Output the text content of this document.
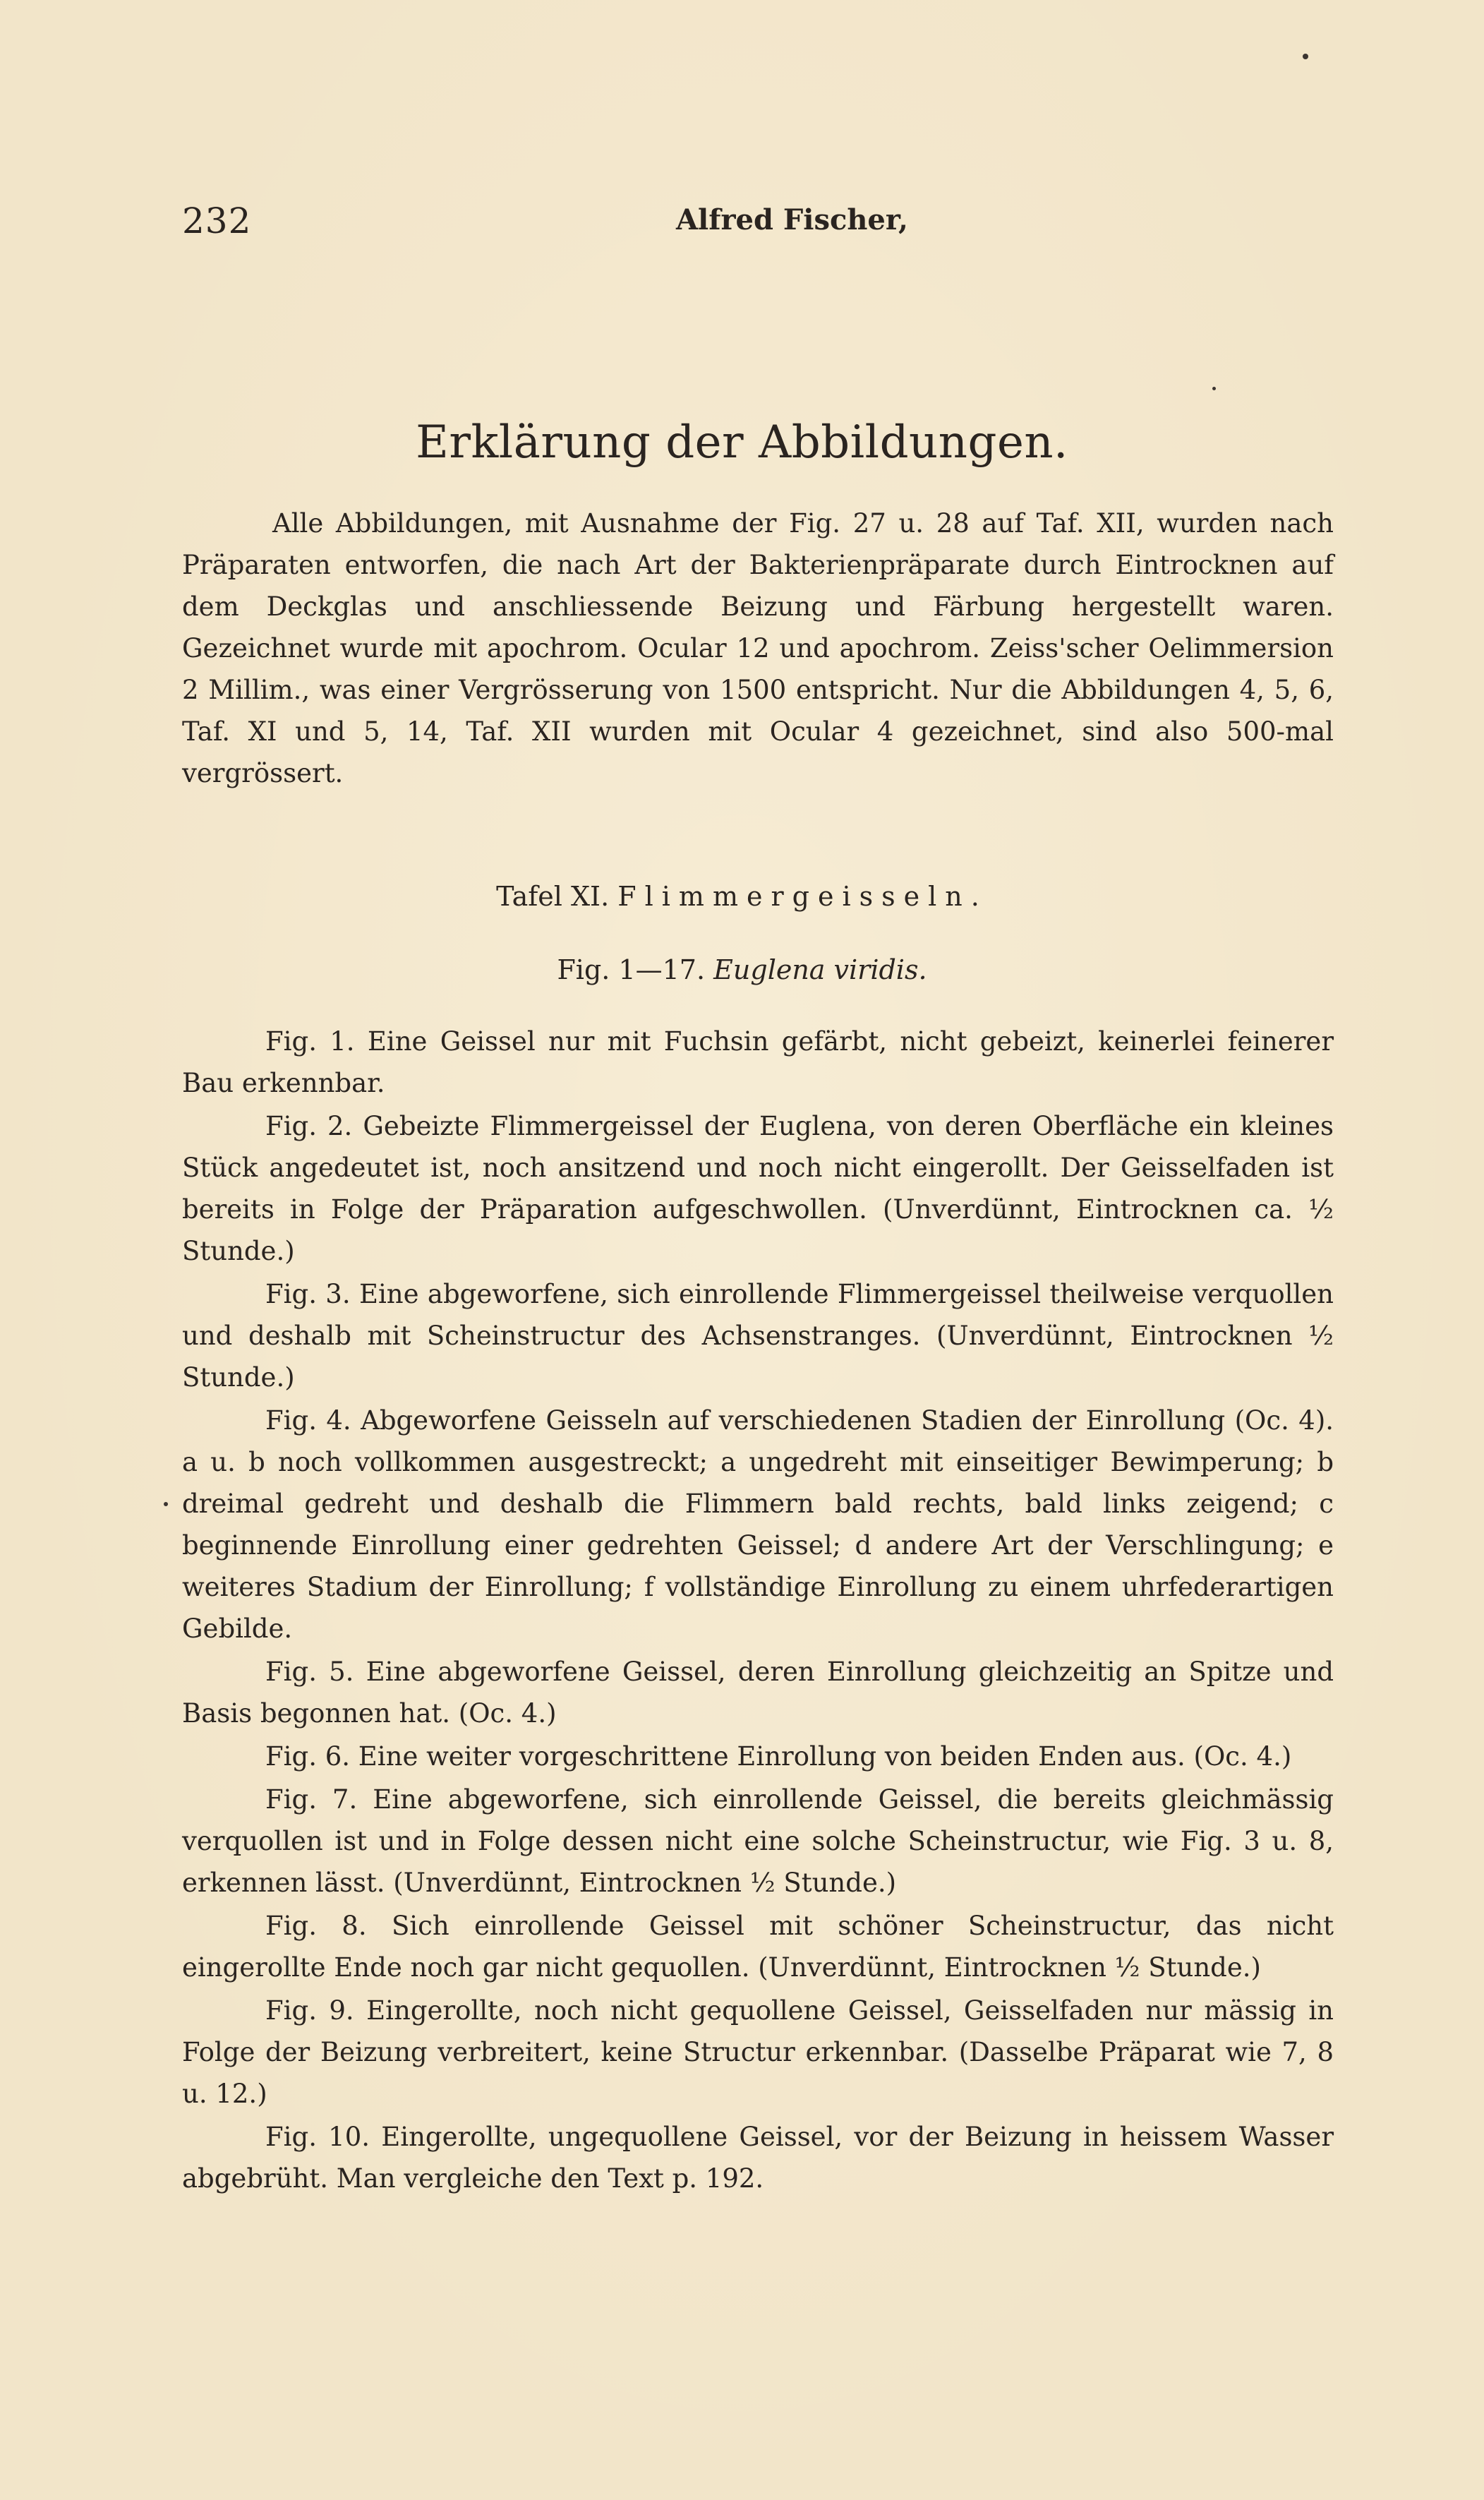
232	Alfred Fischer,
Erklärung der Abbildungen.

Alle Abbildungen, mit Ausnahme der Fig. 27 u. 28 auf Taf. XII, wurden nach Präparaten entworfen, die nach Art der Bakterienpräparate durch Eintrocknen auf dem Deckglas und anschliessende Beizung und Färbung hergestellt waren. Gezeichnet wurde mit apochrom. Ocular 12 und apochrom. Zeiss'scher Oelimmersion 2 Millim., was einer Vergrösserung von 1500 entspricht. Nur die Abbildungen 4, 5, 6, Taf. XI und 5, 14, Taf. XII wurden mit Ocular 4 gezeichnet, sind also 500-mal vergrössert.

Tafel XI. Flimmergeisseln.
Fig. 1—17. Euglena viridis.

Fig. 1. Eine Geissel nur mit Fuchsin gefärbt, nicht gebeizt, keinerlei feinerer Bau erkennbar.

Fig. 2. Gebeizte Flimmergeissel der Euglena, von deren Oberfläche ein kleines Stück angedeutet ist, noch ansitzend und noch nicht eingerollt. Der Geisselfaden ist bereits in Folge der Präparation aufgeschwollen. (Unverdünnt, Eintrocknen ca. ½ Stunde.)

Fig. 3. Eine abgeworfene, sich einrollende Flimmergeissel theilweise verquollen und deshalb mit Scheinstructur des Achsenstranges. (Unverdünnt, Eintrocknen ½ Stunde.)

Fig. 4. Abgeworfene Geisseln auf verschiedenen Stadien der Einrollung (Oc. 4). a u. b noch vollkommen ausgestreckt; a ungedreht mit einseitiger Bewimperung; b dreimal gedreht und deshalb die Flimmern bald rechts, bald links zeigend; c beginnende Einrollung einer gedrehten Geissel; d andere Art der Verschlingung; e weiteres Stadium der Einrollung; f vollständige Einrollung zu einem uhrfederartigen Gebilde.

Fig. 5. Eine abgeworfene Geissel, deren Einrollung gleichzeitig an Spitze und Basis begonnen hat. (Oc. 4.)

Fig. 6. Eine weiter vorgeschrittene Einrollung von beiden Enden aus. (Oc. 4.)

Fig. 7. Eine abgeworfene, sich einrollende Geissel, die bereits gleichmässig verquollen ist und in Folge dessen nicht eine solche Scheinstructur, wie Fig. 3 u. 8, erkennen lässt. (Unverdünnt, Eintrocknen ½ Stunde.)

Fig. 8. Sich einrollende Geissel mit schöner Scheinstructur, das nicht eingerollte Ende noch gar nicht gequollen. (Unverdünnt, Eintrocknen ½ Stunde.)

Fig. 9. Eingerollte, noch nicht gequollene Geissel, Geisselfaden nur mässig in Folge der Beizung verbreitert, keine Structur erkennbar. (Dasselbe Präparat wie 7, 8 u. 12.)

Fig. 10. Eingerollte, ungequollene Geissel, vor der Beizung in heissem Wasser abgebrüht. Man vergleiche den Text p. 192.
